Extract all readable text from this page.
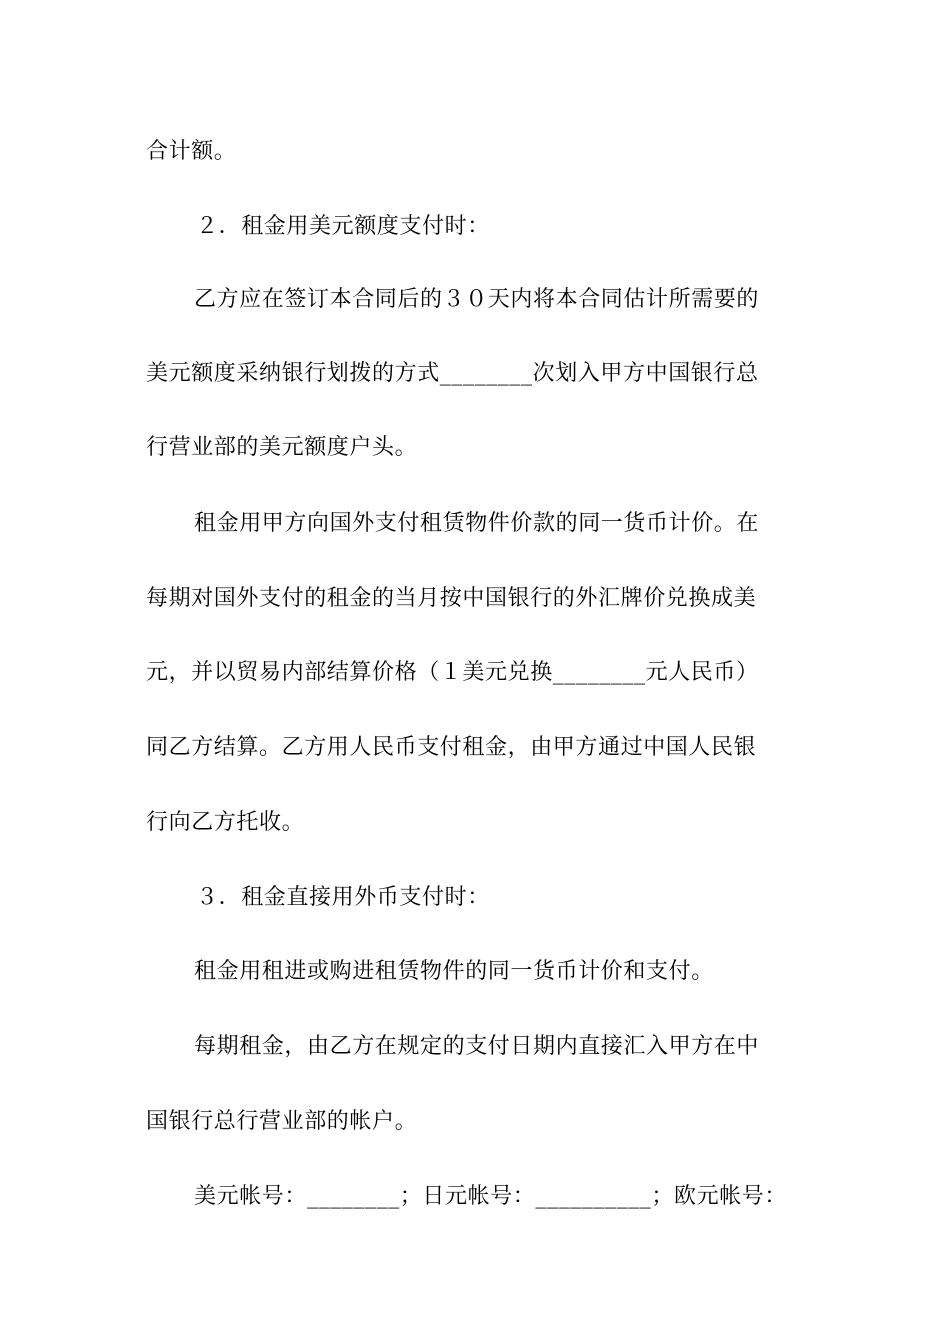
合计额。
２．租金用美元额度支付时：
乙方应在签订本合同后的３０天内将本合同估计所需要的
美元额度采纳银行划拨的方式________次划入甲方中国银行总
行营业部的美元额度户头。
租金用甲方向国外支付租赁物件价款的同一货币计价。在
每期对国外支付的租金的当月按中国银行的外汇牌价兑换成美
元，并以贸易内部结算价格（１美元兑换________元人民币）
同乙方结算。乙方用人民币支付租金，由甲方通过中国人民银
行向乙方托收。
３．租金直接用外币支付时：
租金用租进或购进租赁物件的同一货币计价和支付。
每期租金，由乙方在规定的支付日期内直接汇入甲方在中
国银行总行营业部的帐户。
美元帐号：________；日元帐号：__________；欧元帐号：
